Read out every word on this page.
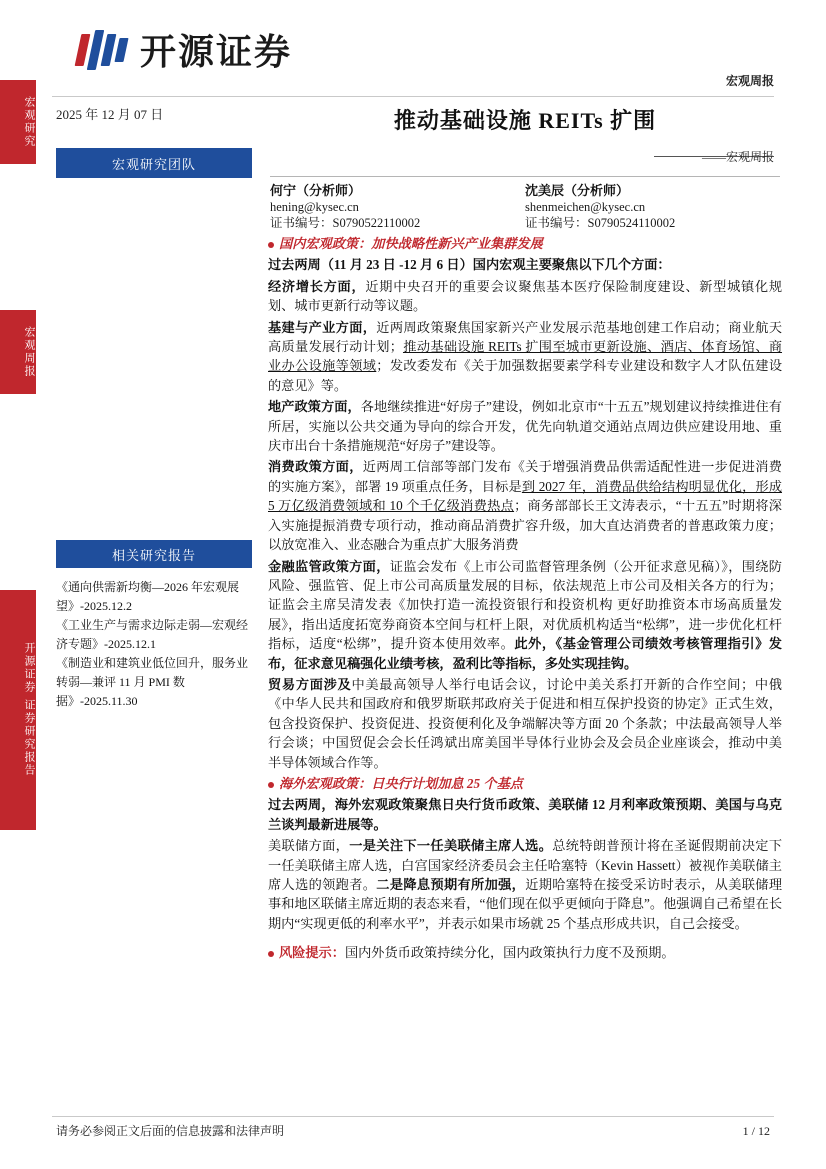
宏观研究
宏观周报
开源证券 证券研究报告
开源证券
宏观周报
2025 年 12 月 07 日
宏观研究团队
推动基础设施 REITs 扩围
——宏观周报
何宁（分析师）
hening@kysec.cn
证书编号：S0790522110002
沈美辰（分析师）
shenmeichen@kysec.cn
证书编号：S0790524110002
相关研究报告
《通向供需新均衡—2026 年宏观展望》-2025.12.2
《工业生产与需求边际走弱—宏观经济专题》-2025.12.1
《制造业和建筑业低位回升，服务业转弱—兼评 11 月 PMI 数据》-2025.11.30

国内宏观政策：加快战略性新兴产业集群发展

过去两周（11 月 23 日 -12 月 6 日）国内宏观主要聚焦以下几个方面：

经济增长方面，近期中央召开的重要会议聚焦基本医疗保险制度建设、新型城镇化规划、城市更新行动等议题。

基建与产业方面，近两周政策聚焦国家新兴产业发展示范基地创建工作启动；商业航天高质量发展行动计划；推动基础设施 REITs 扩围至城市更新设施、酒店、体育场馆、商业办公设施等领域；发改委发布《关于加强数据要素学科专业建设和数字人才队伍建设的意见》等。

地产政策方面，各地继续推进“好房子”建设，例如北京市“十五五”规划建议持续推进住有所居，实施以公共交通为导向的综合开发，优先向轨道交通站点周边供应建设用地、重庆市出台十条措施规范“好房子”建设等。

消费政策方面，近两周工信部等部门发布《关于增强消费品供需适配性进一步促进消费的实施方案》，部署 19 项重点任务，目标是到 2027 年，消费品供给结构明显优化，形成 5 万亿级消费领域和 10 个千亿级消费热点；商务部部长王文涛表示，“十五五”时期将深入实施提振消费专项行动，推动商品消费扩容升级，加大直达消费者的普惠政策力度；以放宽准入、业态融合为重点扩大服务消费

金融监管政策方面，证监会发布《上市公司监督管理条例（公开征求意见稿）》，围绕防风险、强监管、促上市公司高质量发展的目标，依法规范上市公司及相关各方的行为；证监会主席吴清发表《加快打造一流投资银行和投资机构 更好助推资本市场高质量发展》，指出适度拓宽券商资本空间与杠杆上限，对优质机构适当“松绑”，进一步优化杠杆指标，适度“松绑”，提升资本使用效率。此外，《基金管理公司绩效考核管理指引》发布，征求意见稿强化业绩考核，盈利比等指标，多处实现挂钩。

贸易方面涉及中美最高领导人举行电话会议，讨论中美关系打开新的合作空间；中俄《中华人民共和国政府和俄罗斯联邦政府关于促进和相互保护投资的协定》正式生效，包含投资保护、投资促进、投资便利化及争端解决等方面 20 个条款；中法最高领导人举行会谈；中国贸促会会长任鸿斌出席美国半导体行业协会及会员企业座谈会，推动中美半导体领域合作等。

海外宏观政策：日央行计划加息 25 个基点

过去两周，海外宏观政策聚焦日央行货币政策、美联储 12 月利率政策预期、美国与乌克兰谈判最新进展等。

美联储方面，一是关注下一任美联储主席人选。总统特朗普预计将在圣诞假期前决定下一任美联储主席人选，白宫国家经济委员会主任哈塞特（Kevin Hassett）被视作美联储主席人选的领跑者。二是降息预期有所加强，近期哈塞特在接受采访时表示，从美联储理事和地区联储主席近期的表态来看，“他们现在似乎更倾向于降息”。他强调自己希望在长期内“实现更低的利率水平”，并表示如果市场就 25 个基点形成共识，自己会接受。

风险提示：国内外货币政策持续分化，国内政策执行力度不及预期。

请务必参阅正文后面的信息披露和法律声明	1 / 12
